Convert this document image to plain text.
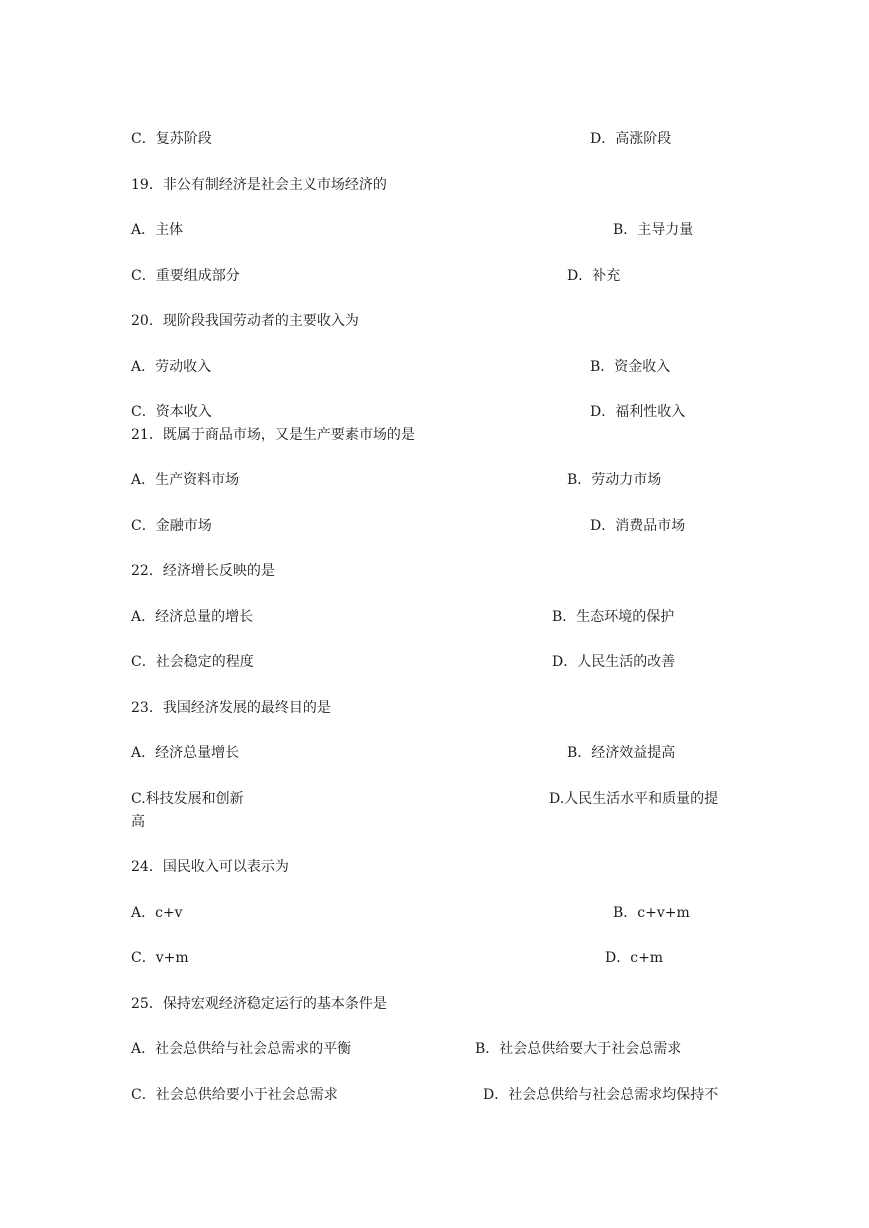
C．复苏阶段	D．高涨阶段
19．非公有制经济是社会主义市场经济的
A．主体	B．主导力量
C．重要组成部分	D．补充
20．现阶段我国劳动者的主要收入为
A．劳动收入	B．资金收入
C．资本收入	D．福利性收入
21．既属于商品市场，又是生产要素市场的是
A．生产资料市场	B．劳动力市场
C．金融市场	D．消费品市场
22．经济增长反映的是
A．经济总量的增长	B．生态环境的保护
C．社会稳定的程度	D．人民生活的改善
23．我国经济发展的最终目的是
A．经济总量增长	B．经济效益提高
C.科技发展和创新	D.人民生活水平和质量的提
高
24．国民收入可以表示为
A．c+v	B．c+v+m
C．v+m	D．c+m
25．保持宏观经济稳定运行的基本条件是
A．社会总供给与社会总需求的平衡	B．社会总供给要大于社会总需求
C．社会总供给要小于社会总需求	D．社会总供给与社会总需求均保持不
